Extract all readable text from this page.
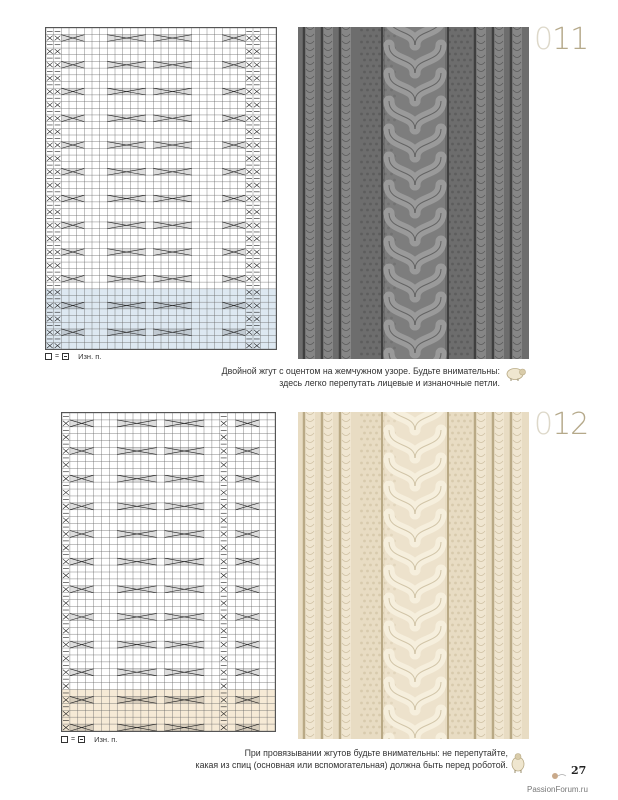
011
=	Изн. п.
Двойной жгут с оцентом на жемчужном узоре. Будьте внимательны:
здесь легко перепутать лицевые и изнаночные петли.
012
=	Изн. п.
При провязывании жгутов будьте внимательны: не перепутайте,
какая из спиц (основная или вспомогательная) должна быть перед роботой.	27
PassionForum.ru
